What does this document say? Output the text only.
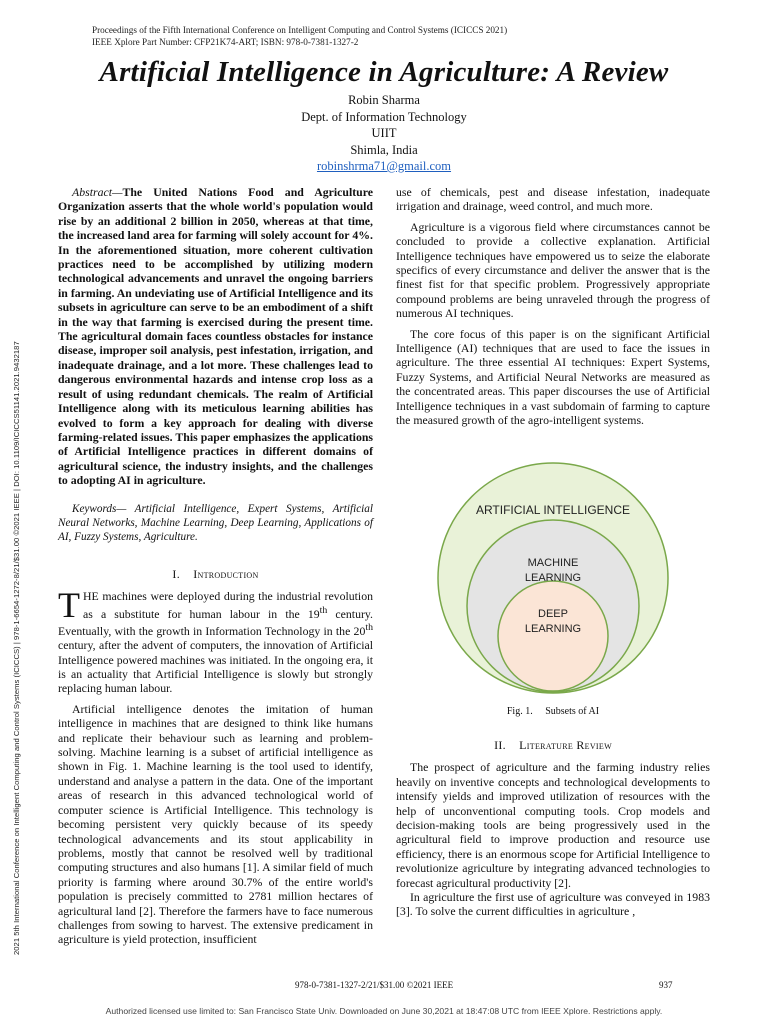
Proceedings of the Fifth International Conference on Intelligent Computing and Control Systems (ICICCS 2021)
IEEE Xplore Part Number: CFP21K74-ART; ISBN: 978-0-7381-1327-2
Artificial Intelligence in Agriculture: A Review
Robin Sharma
Dept. of Information Technology
UIIT
Shimla, India
robinshrma71@gmail.com
2021 5th International Conference on Intelligent Computing and Control Systems (ICICCS) | 978-1-6654-1272-8/21/$31.00 ©2021 IEEE | DOI: 10.1109/ICICCS51141.2021.9432187

Abstract—The United Nations Food and Agriculture Organization asserts that the whole world's population would rise by an additional 2 billion in 2050, whereas at that time, the increased land area for farming will solely account for 4%. In the aforementioned situation, more coherent cultivation practices need to be accomplished by utilizing modern technological advancements and unravel the ongoing barriers in farming. An undeviating use of Artificial Intelligence and its subsets in agriculture can serve to be an embodiment of a shift in the way that farming is exercised during the present time. The agricultural domain faces countless obstacles for instance disease, improper soil analysis, pest infestation, irrigation, and inadequate drainage, and a lot more. These challenges lead to dangerous environmental hazards and intense crop loss as a result of using redundant chemicals. The realm of Artificial Intelligence along with its meticulous learning abilities has evolved to form a key approach for dealing with diverse farming-related issues. This paper emphasizes the applications of Artificial Intelligence practices in different domains of agricultural science, the industry insights, and the challenges to adopting AI in agriculture.

Keywords— Artificial Intelligence, Expert Systems, Artificial Neural Networks, Machine Learning, Deep Learning, Applications of AI, Fuzzy Systems, Agriculture.

I. Introduction

THE machines were deployed during the industrial revolution as a substitute for human labour in the 19th century. Eventually, with the growth in Information Technology in the 20th century, after the advent of computers, the innovation of Artificial Intelligence powered machines was initiated. In the ongoing era, it is an actuality that Artificial Intelligence is slowly but strongly replacing human labour.

Artificial intelligence denotes the imitation of human intelligence in machines that are designed to think like humans and replicate their behaviour such as learning and problem-solving. Machine learning is a subset of artificial intelligence as shown in Fig. 1. Machine learning is the tool used to identify, understand and analyse a pattern in the data. One of the important areas of research in this advanced technological world of computer science is Artificial Intelligence. This technology is becoming persistent very quickly because of its speedy technological advancements and its stout applicability in problems, mostly that cannot be resolved well by traditional computing structures and also humans [1]. A similar field of much priority is farming where around 30.7% of the entire world's population is precisely committed to 2781 million hectares of agricultural land [2]. Therefore the farmers have to face numerous challenges from sowing to harvest. The extensive predicament in agriculture is yield protection, insufficient

use of chemicals, pest and disease infestation, inadequate irrigation and drainage, weed control, and much more.

Agriculture is a vigorous field where circumstances cannot be concluded to provide a collective explanation. Artificial Intelligence techniques have empowered us to seize the elaborate specifics of every circumstance and deliver the answer that is the finest fist for that specific problem. Progressively appropriate compound problems are being unraveled through the progress of numerous AI techniques.

The core focus of this paper is on the significant Artificial Intelligence (AI) techniques that are used to face the issues in agriculture. The three essential AI techniques: Expert Systems, Fuzzy Systems, and Artificial Neural Networks are measured as the concentrated areas. This paper discourses the use of Artificial Intelligence techniques in a vast subdomain of farming to capture the measured growth of the agro-intelligent systems.

ARTIFICIAL INTELLIGENCE
MACHINE
LEARNING
DEEP
LEARNING
Fig. 1.     Subsets of AI

II. Literature Review

The prospect of agriculture and the farming industry relies heavily on inventive concepts and technological developments to intensify yields and improved utilization of resources with the help of unconventional computing tools. Crop models and decision-making tools are being progressively used in the agricultural field to improve production and resource use efficiency, there is an enormous scope for Artificial Intelligence to revolutionize agriculture by integrating advanced technologies to forecast agricultural productivity [2].

In agriculture the first use of agriculture was conveyed in 1983 [3]. To solve the current difficulties in agriculture ,

978-0-7381-1327-2/21/$31.00 ©2021 IEEE	937
Authorized licensed use limited to: San Francisco State Univ. Downloaded on June 30,2021 at 18:47:08 UTC from IEEE Xplore. Restrictions apply.
